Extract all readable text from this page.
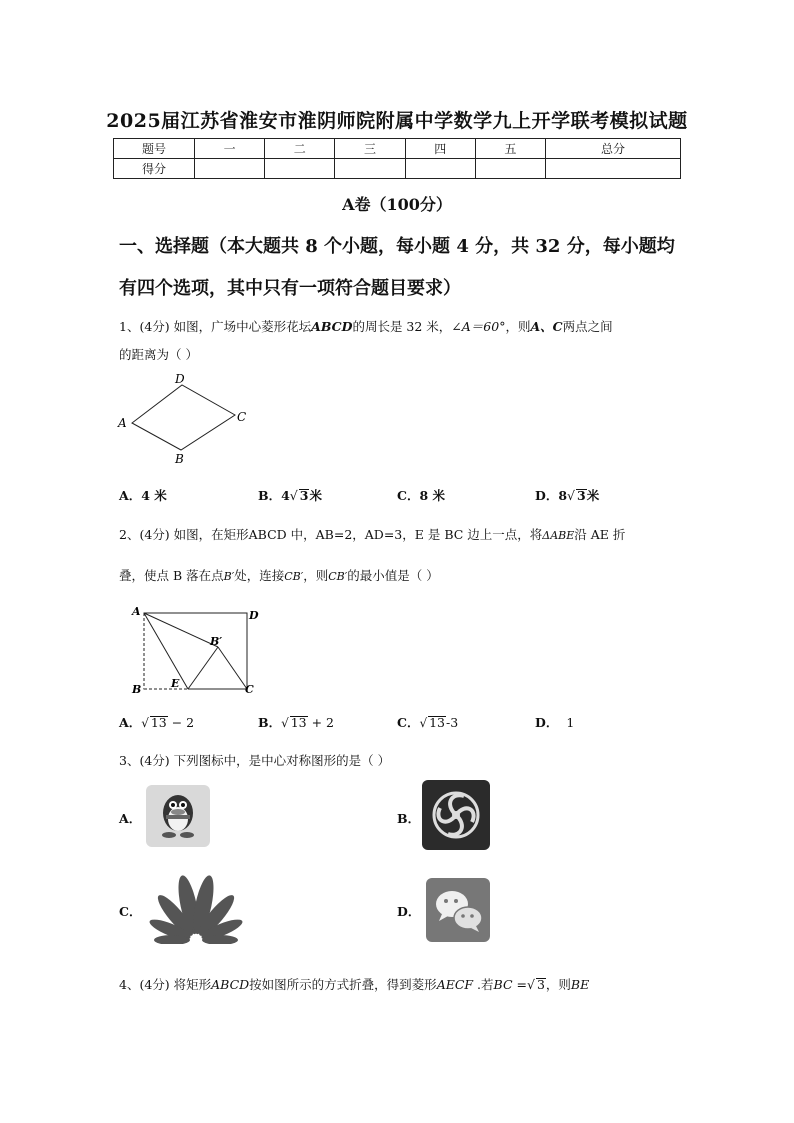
2025届江苏省淮安市淮阴师院附属中学数学九上开学联考模拟试题
题号	一	二	三	四	五	总分
得分						
A卷（100分）
一、选择题（本大题共 8 个小题，每小题 4 分，共 32 分，每小题均
有四个选项，其中只有一项符合题目要求）
1、(4分) 如图，广场中心菱形花坛ABCD的周长是 32 米，∠A＝60°，则A、C两点之间
的距离为（ ）
A
B
C
D
A．4 米	B．4√ 3米	C．8 米	D．8√ 3米
2、(4分) 如图，在矩形ABCD 中，AB=2，AD=3，E 是 BC 边上一点，将ΔABE沿 AE 折
叠，使点 B 落在点B′处，连接CB′，则CB′的最小值是（ ）
A	D
B	E	C
B′
A．√ 13 − 2	B．√ 13 + 2	C．√ 13-3	D． 1
3、(4分) 下列图标中，是中心对称图形的是（ ）
A．	B．
C．	D．
4、(4分) 将矩形ABCD按如图所示的方式折叠，得到菱形AECF .若BC =√ 3，则BE
